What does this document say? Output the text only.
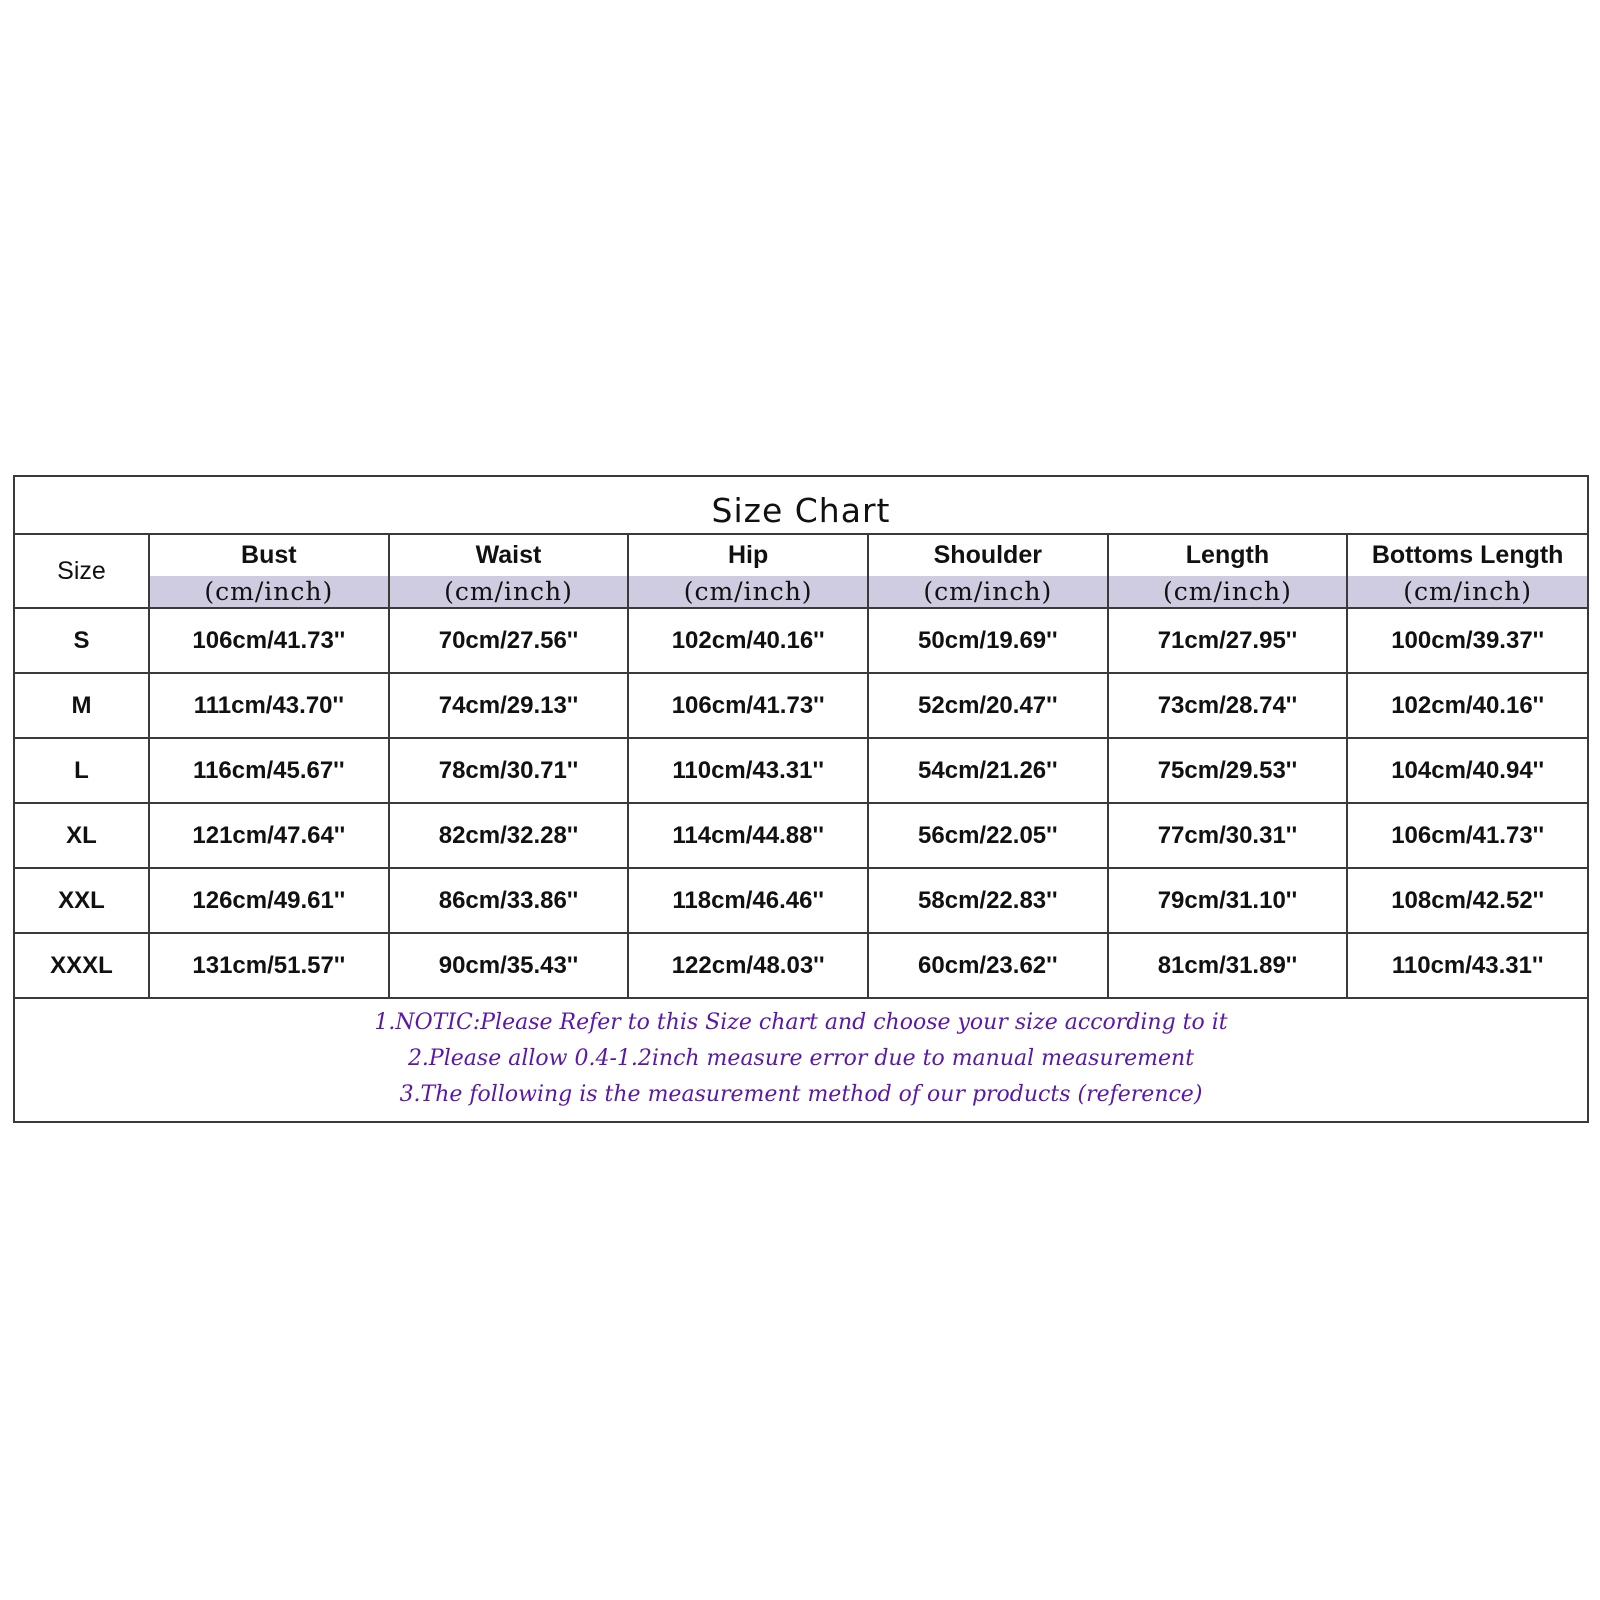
Size Chart
Size	Bust	Waist	Hip	Shoulder	Length	Bottoms Length
	(cm/inch)	(cm/inch)	(cm/inch)	(cm/inch)	(cm/inch)	(cm/inch)
S	106cm/41.73''	70cm/27.56''	102cm/40.16''	50cm/19.69''	71cm/27.95''	100cm/39.37''
M	111cm/43.70''	74cm/29.13''	106cm/41.73''	52cm/20.47''	73cm/28.74''	102cm/40.16''
L	116cm/45.67''	78cm/30.71''	110cm/43.31''	54cm/21.26''	75cm/29.53''	104cm/40.94''
XL	121cm/47.64''	82cm/32.28''	114cm/44.88''	56cm/22.05''	77cm/30.31''	106cm/41.73''
XXL	126cm/49.61''	86cm/33.86''	118cm/46.46''	58cm/22.83''	79cm/31.10''	108cm/42.52''
XXXL	131cm/51.57''	90cm/35.43''	122cm/48.03''	60cm/23.62''	81cm/31.89''	110cm/43.31''
1.NOTIC:Please Refer to this Size chart and choose your size according to it
2.Please allow 0.4-1.2inch measure error due to manual measurement
3.The following is the measurement method of our products (reference)
